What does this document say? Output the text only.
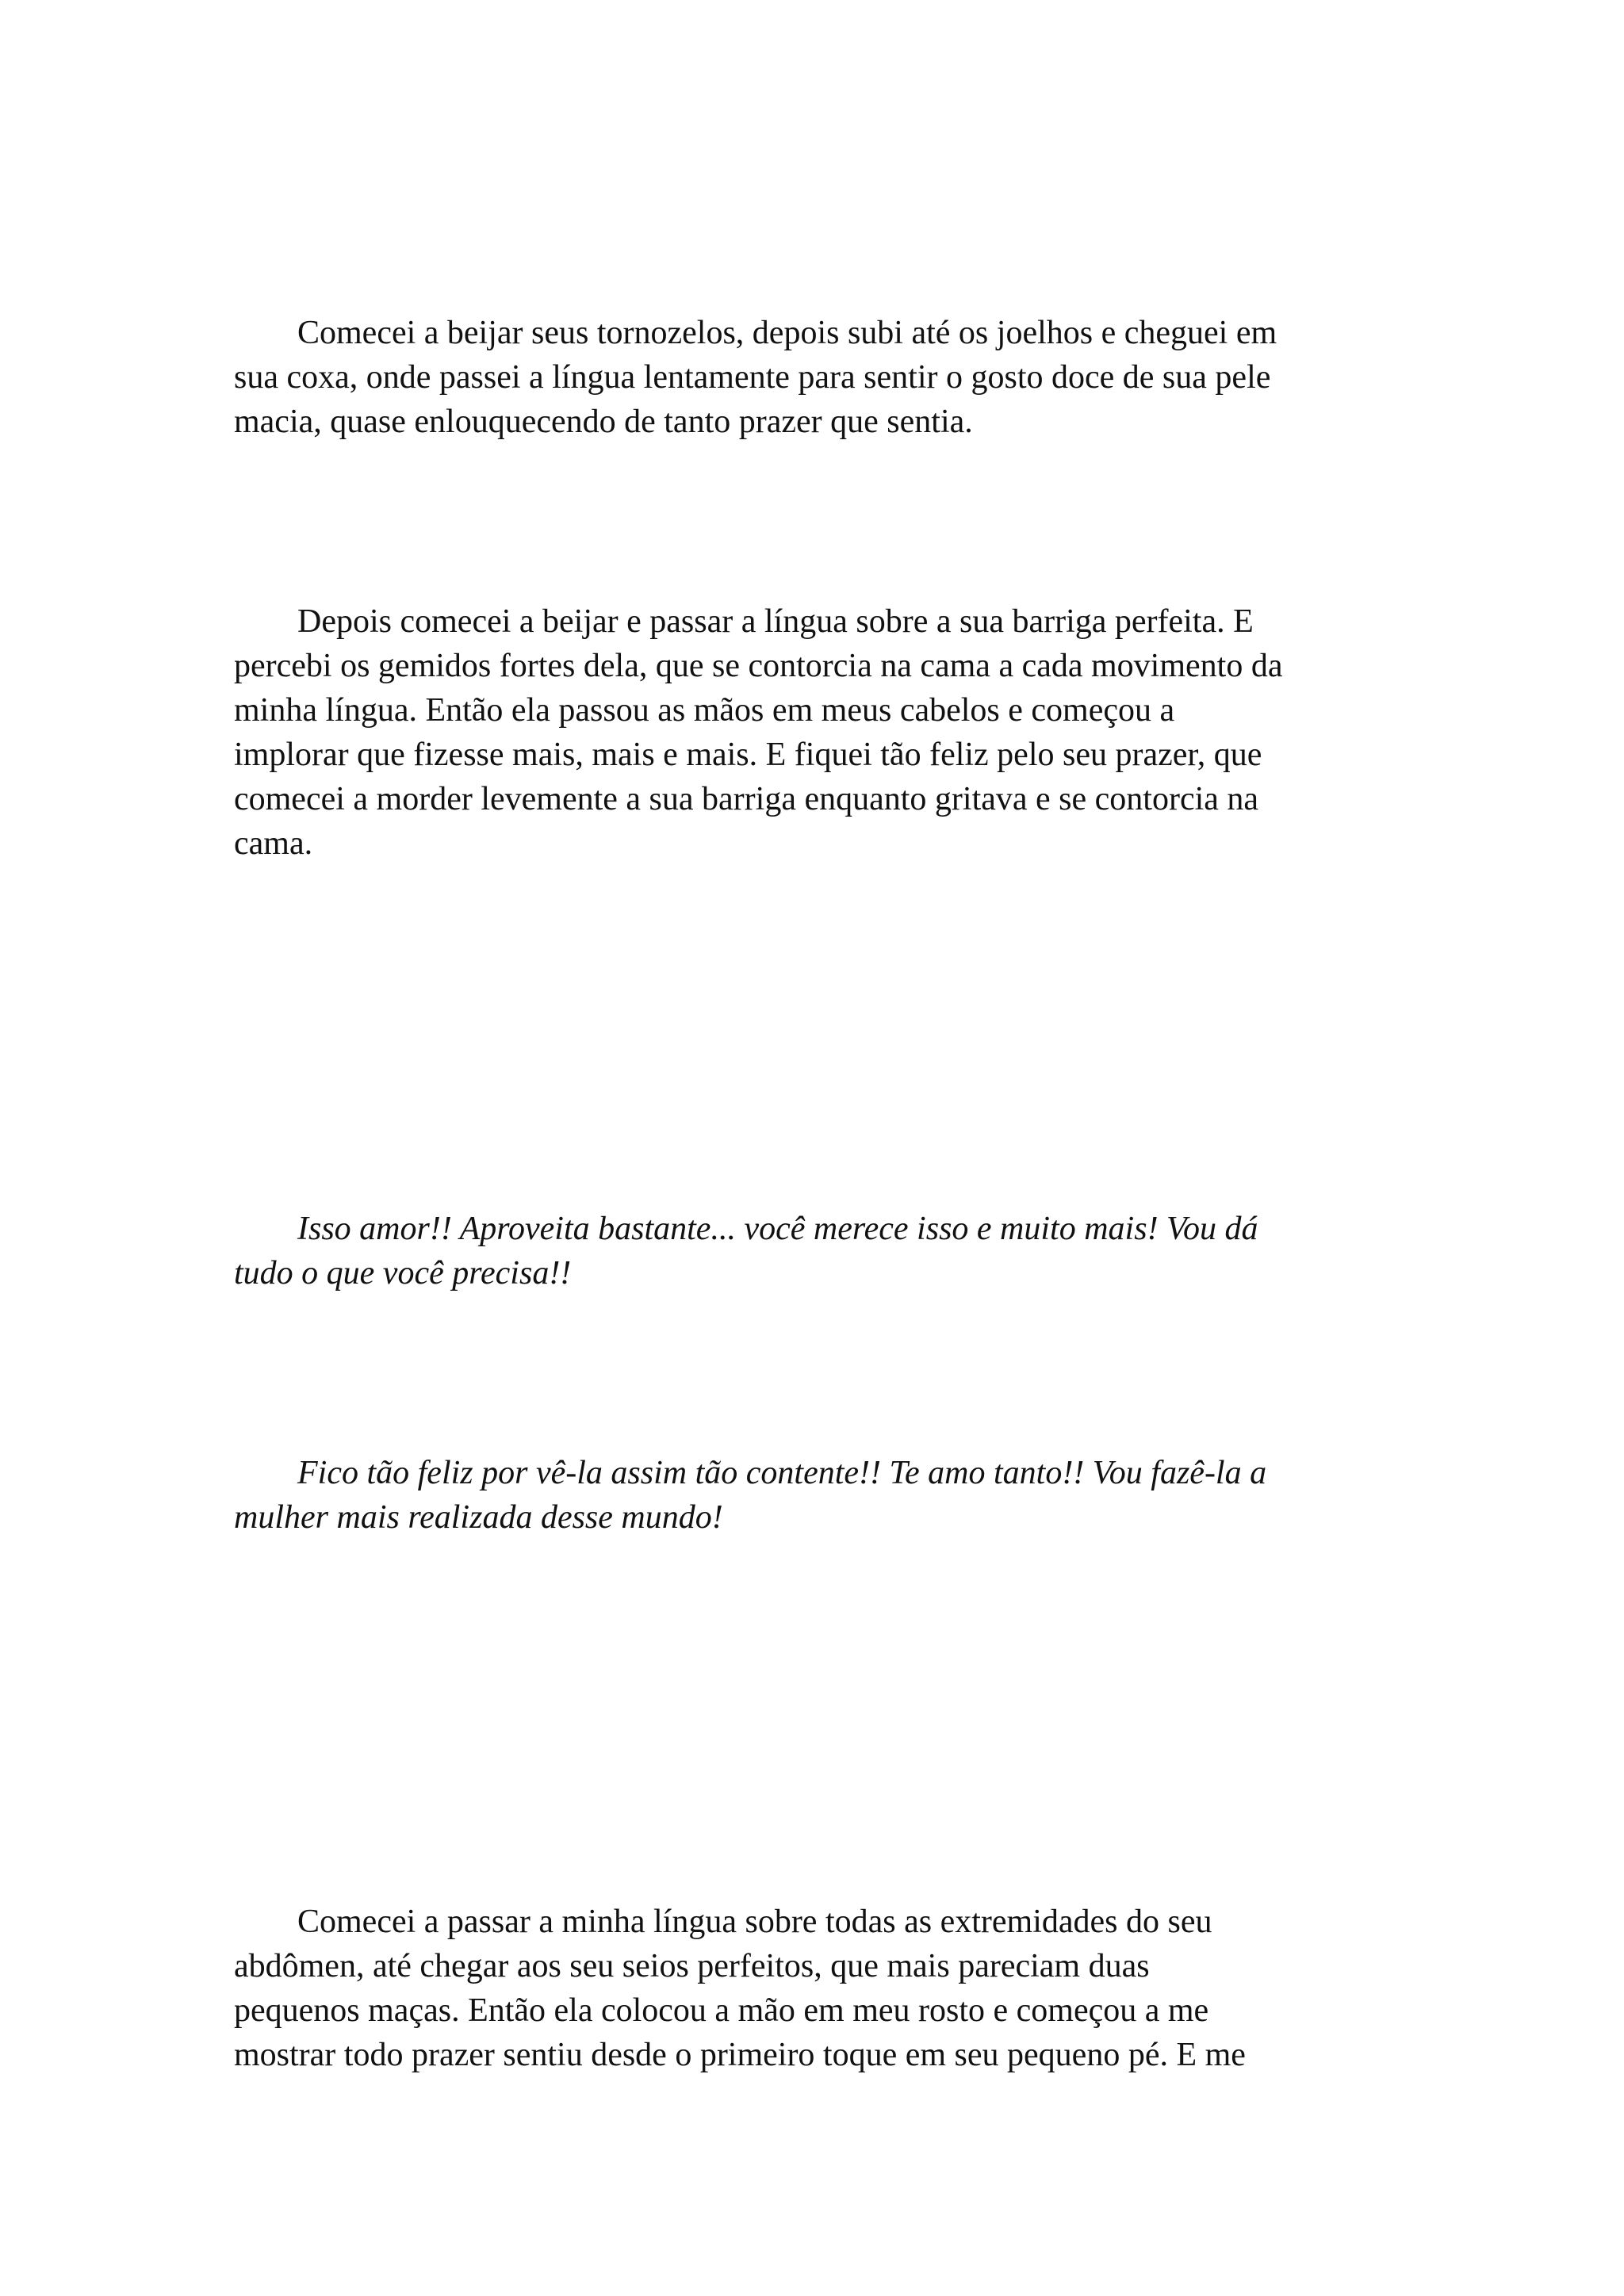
Comecei a beijar seus tornozelos, depois subi até os joelhos e cheguei em
sua coxa, onde passei a língua lentamente para sentir o gosto doce de sua pele
macia, quase enlouquecendo de tanto prazer que sentia.

Depois comecei a beijar e passar a língua sobre a sua barriga perfeita. E
percebi os gemidos fortes dela, que se contorcia na cama a cada movimento da
minha língua. Então ela passou as mãos em meus cabelos e começou a
implorar que fizesse mais, mais e mais. E fiquei tão feliz pelo seu prazer, que
comecei a morder levemente a sua barriga enquanto gritava e se contorcia na
cama.

Isso amor!! Aproveita bastante... você merece isso e muito mais! Vou dá
tudo o que você precisa!!

Fico tão feliz por vê-la assim tão contente!! Te amo tanto!! Vou fazê-la a
mulher mais realizada desse mundo!

Comecei a passar a minha língua sobre todas as extremidades do seu
abdômen, até chegar aos seu seios perfeitos, que mais pareciam duas
pequenos maças. Então ela colocou a mão em meu rosto e começou a me
mostrar todo prazer sentiu desde o primeiro toque em seu pequeno pé. E me
